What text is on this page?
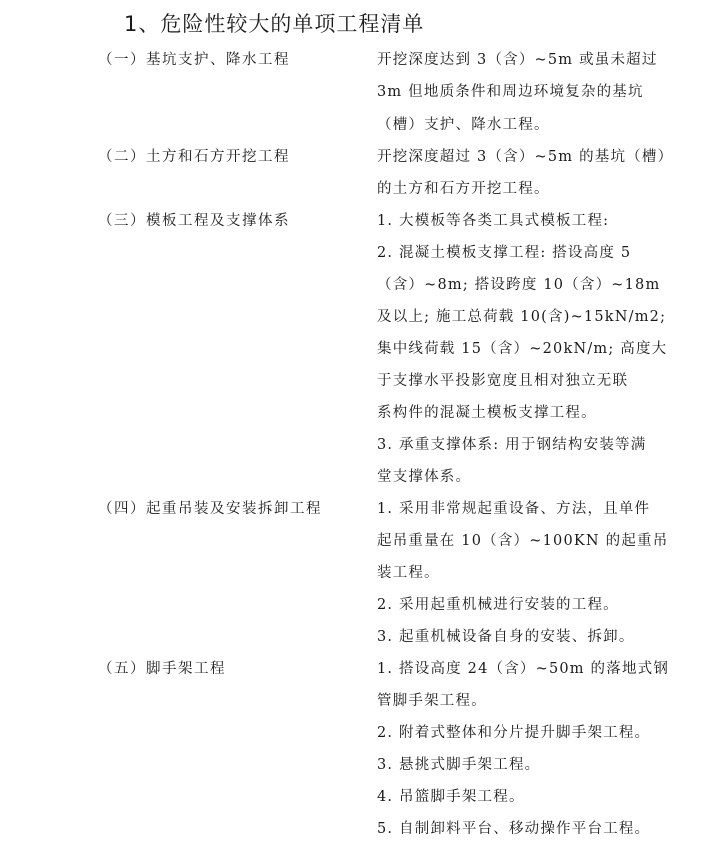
1、危险性较大的单项工程清单
（一）基坑支护、降水工程	开挖深度达到 3（含）~5m 或虽未超过
3m 但地质条件和周边环境复杂的基坑
（槽）支护、降水工程。
（二）土方和石方开挖工程	开挖深度超过 3（含）~5m 的基坑（槽）
的土方和石方开挖工程。
（三）模板工程及支撑体系	1. 大模板等各类工具式模板工程:
2. 混凝土模板支撑工程: 搭设高度 5
（含）~8m; 搭设跨度 10（含）~18m
及以上; 施工总荷载 10(含)~15kN/m2;
集中线荷载 15（含）~20kN/m; 高度大
于支撑水平投影宽度且相对独立无联
系构件的混凝土模板支撑工程。
3. 承重支撑体系: 用于钢结构安装等满
堂支撑体系。
（四）起重吊装及安装拆卸工程	1. 采用非常规起重设备、方法，且单件
起吊重量在 10（含）~100KN 的起重吊
装工程。
2. 采用起重机械进行安装的工程。
3. 起重机械设备自身的安装、拆卸。
（五）脚手架工程	1. 搭设高度 24（含）~50m 的落地式钢
管脚手架工程。
2. 附着式整体和分片提升脚手架工程。
3. 悬挑式脚手架工程。
4. 吊篮脚手架工程。
5. 自制卸料平台、移动操作平台工程。
